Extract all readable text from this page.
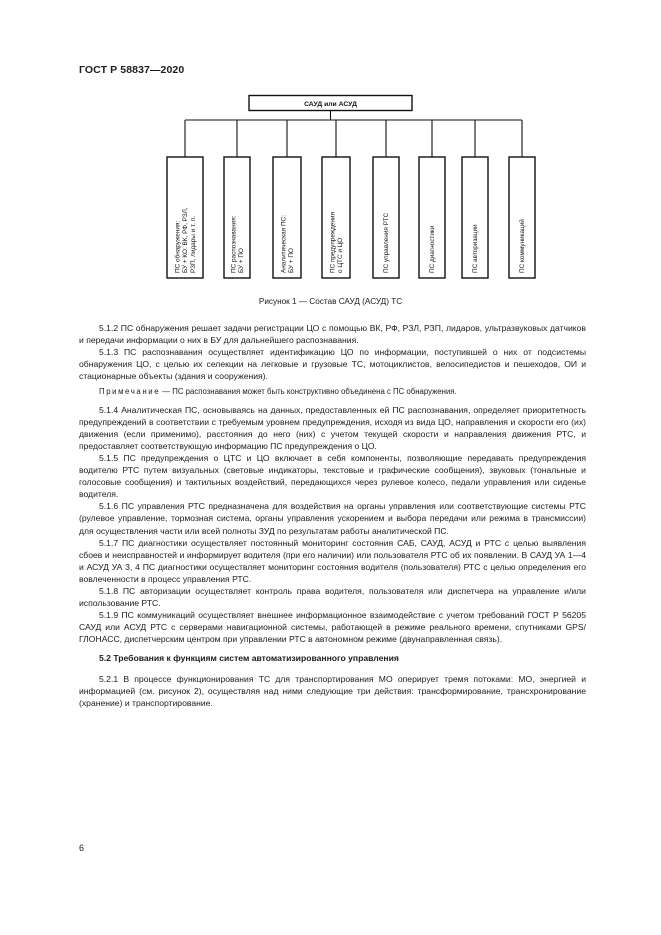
ГОСТ Р 58837—2020
САУД или АСУД
ПС обнаружения: БУ + КО: ВК, РФ, РЗЛ, РЗП, лидары и т. п.	ПС распознавания: БУ + ПО	Аналитическая ПС: БУ + ПО	ПС предупреждения о ЦТС и ЦО	ПС управления РТС	ПС диагностики	ПС авторизации	ПС коммуникаций
Рисунок 1 — Состав САУД (АСУД) ТС

5.1.2 ПС обнаружения решает задачи регистрации ЦО с помощью ВК, РФ, РЗЛ, РЗП, лидаров, ультразвуковых датчиков и передачи информации о них в БУ для дальнейшего распознавания.

5.1.3 ПС распознавания осуществляет идентификацию ЦО по информации, поступившей о них от подсистемы обнаружения ЦО, с целью их селекции на легковые и грузовые ТС, мотоциклистов, велосипедистов и пешеходов, ОИ и стационарные объекты (здания и сооружения).

Примечание — ПС распознавания может быть конструктивно объединена с ПС обнаружения.

5.1.4 Аналитическая ПС, основываясь на данных, предоставленных ей ПС распознавания, определяет приоритетность предупреждений в соответствии с требуемым уровнем предупреждения, исходя из вида ЦО, направления и скорости его (их) движения (если применимо), расстояния до него (них) с учетом текущей скорости и направления движения РТС, и предоставляет соответствующую информацию ПС предупреждения о ЦО.

5.1.5 ПС предупреждения о ЦТС и ЦО включает в себя компоненты, позволяющие передавать предупреждения водителю РТС путем визуальных (световые индикаторы, текстовые и графические сообщения), звуковых (тональные и голосовые сообщения) и тактильных воздействий, передающихся через рулевое колесо, педали управления или сиденье водителя.

5.1.6 ПС управления РТС предназначена для воздействия на органы управления или соответствующие системы РТС (рулевое управление, тормозная система, органы управления ускорением и выбора передачи или режима в трансмиссии) для осуществления части или всей полноты ЗУД по результатам работы аналитической ПС.

5.1.7 ПС диагностики осуществляет постоянный мониторинг состояния САБ, САУД, АСУД и РТС с целью выявления сбоев и неисправностей и информирует водителя (при его наличии) или пользователя РТС об их появлении. В САУД УА 1—4 и АСУД УА 3, 4 ПС диагностики осуществляет мониторинг состояния водителя (пользователя) РТС с целью определения его вовлеченности в процесс управления РТС.

5.1.8 ПС авторизации осуществляет контроль права водителя, пользователя или диспетчера на управление и/или использование РТС.

5.1.9 ПС коммуникаций осуществляет внешнее информационное взаимодействие с учетом требований ГОСТ Р 56205 САУД или АСУД РТС с серверами навигационной системы, работающей в режиме реального времени, спутниками GPS/ГЛОНАСС, диспетчерским центром при управлении РТС в автономном режиме (двунаправленная связь).

5.2 Требования к функциям систем автоматизированного управления

5.2.1 В процессе функционирования ТС для транспортирования МО оперирует тремя потоками: МО, энергией и информацией (см. рисунок 2), осуществляя над ними следующие три действия: трансформирование, трансхронирование (хранение) и транспортирование.

6
